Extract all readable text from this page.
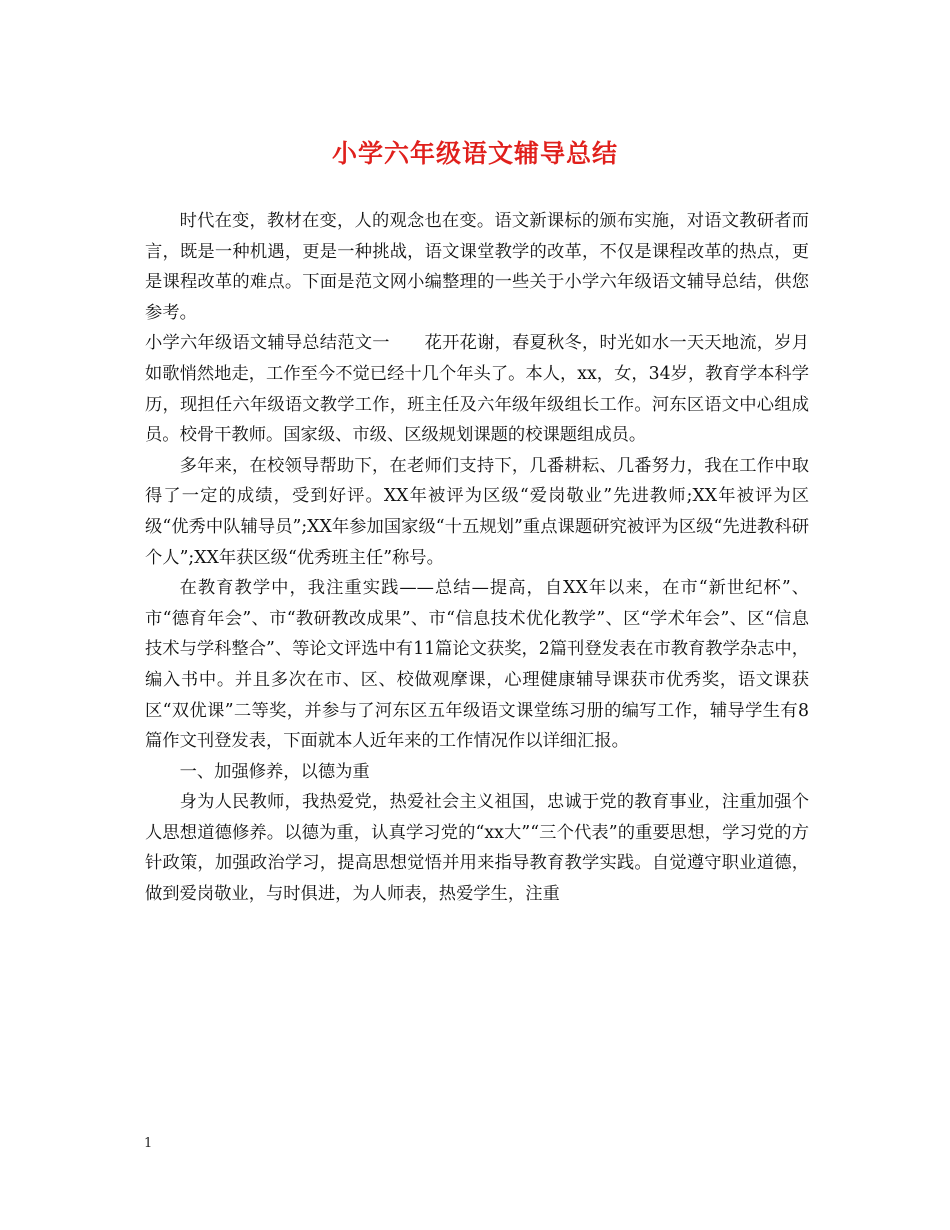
小学六年级语文辅导总结

时代在变，教材在变，人的观念也在变。语文新课标的颁布实施，对语文教研者而言，既是一种机遇，更是一种挑战，语文课堂教学的改革，不仅是课程改革的热点，更是课程改革的难点。下面是范文网小编整理的一些关于小学六年级语文辅导总结，供您参考。

小学六年级语文辅导总结范文一　　花开花谢，春夏秋冬，时光如水一天天地流，岁月如歌悄然地走，工作至今不觉已经十几个年头了。本人，xx，女，34岁，教育学本科学历，现担任六年级语文教学工作，班主任及六年级年级组长工作。河东区语文中心组成员。校骨干教师。国家级、市级、区级规划课题的校课题组成员。

多年来，在校领导帮助下，在老师们支持下，几番耕耘、几番努力，我在工作中取得了一定的成绩，受到好评。XX年被评为区级“爱岗敬业”先进教师;XX年被评为区级“优秀中队辅导员”;XX年参加国家级“十五规划”重点课题研究被评为区级“先进教科研个人”;XX年获区级“优秀班主任”称号。

在教育教学中，我注重实践——总结—提高，自XX年以来，在市“新世纪杯”、市“德育年会”、市“教研教改成果”、市“信息技术优化教学”、区“学术年会”、区“信息技术与学科整合”、等论文评选中有11篇论文获奖，2篇刊登发表在市教育教学杂志中，编入书中。并且多次在市、区、校做观摩课，心理健康辅导课获市优秀奖，语文课获区“双优课”二等奖，并参与了河东区五年级语文课堂练习册的编写工作，辅导学生有8篇作文刊登发表，下面就本人近年来的工作情况作以详细汇报。

一、加强修养，以德为重

身为人民教师，我热爱党，热爱社会主义祖国，忠诚于党的教育事业，注重加强个人思想道德修养。以德为重，认真学习党的“xx大”“三个代表”的重要思想，学习党的方针政策，加强政治学习，提高思想觉悟并用来指导教育教学实践。自觉遵守职业道德，做到爱岗敬业，与时俱进，为人师表，热爱学生，注重

1
